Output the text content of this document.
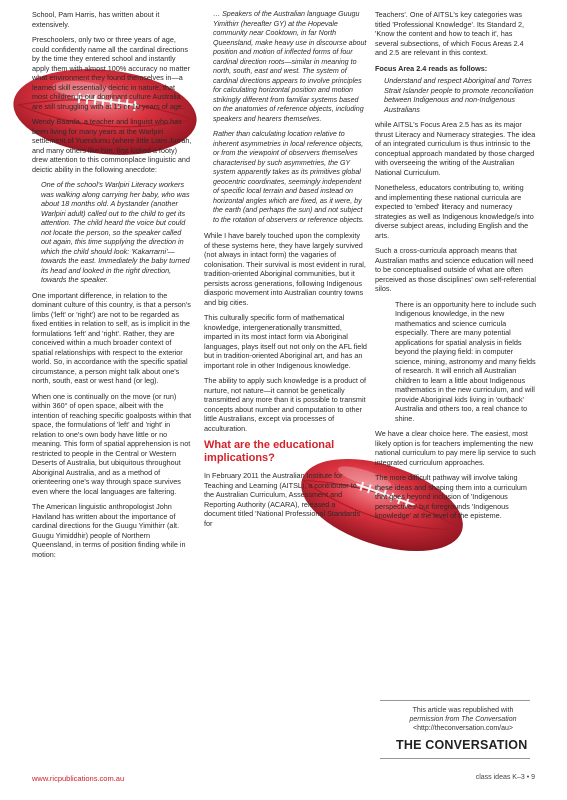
School, Pam Harris, has written about it extensively.

Preschoolers, only two or three years of age, could confidently name all the cardinal directions by the time they entered school and instantly apply them with almost 100% accuracy no matter what environment they found themselves in—a learned skill essentially deictic in nature, that most children in our dominant culture Australia are still struggling with at 15 or 16 years of age.

Wendy Baarda, a teacher and linguist who has been living for many years at the Warlpiri settlement of Yuendumu (where little Liam Jurrah, and many others like him, first kicked a footy) drew attention to this commonplace linguistic and deictic ability in the following anecdote:

One of the school's Warlpiri Literacy workers was walking along carrying her baby, who was about 18 months old. A bystander (another Warlpiri adult) called out to the child to get its attention. The child heard the voice but could not locate the person, so the speaker called out again, this time supplying the direction in which the child should look: 'Kakarrarni'—towards the east. Immediately the baby turned its head and looked in the right direction, towards the speaker.

One important difference, in relation to the dominant culture of this country, is that a person's limbs ('left' or 'right') are not to be regarded as fixed entities in relation to self, as is implicit in the formulations 'left' and 'right'. Rather, they are conceived within a much broader context of spatial relationships with respect to the exterior world. So, in accordance with the specific spatial circumstance, a person might talk about one's north, south, east or west hand (or leg).

When one is continually on the move (or run) within 360° of open space, albeit with the intention of reaching specific goalposts within that space, the formulations of 'left' and 'right' in relation to one's own body have little or no meaning. This form of spatial apprehension is not restricted to people in the Central or Western Deserts of Australia, but ubiquitous throughout Aboriginal Australia, and as a method of orienteering one's way through space survives even where the local languages are faltering.

The American linguistic anthropologist John Haviland has written about the importance of cardinal directions for the Guugu Yimithirr (alt. Guugu Yimiddhir) people of Northern Queensland, in terms of position finding while in motion:

… Speakers of the Australian language Guugu Yimithirr (hereafter GY) at the Hopevale community near Cooktown, in far North Queensland, make heavy use in discourse about position and motion of inflected forms of four cardinal direction roots—similar in meaning to north, south, east and west. The system of cardinal directions appears to involve principles for calculating horizontal position and motion strikingly different from familiar systems based on the anatomies of reference objects, including speakers and hearers themselves.

Rather than calculating location relative to inherent asymmetries in local reference objects, or from the viewpoint of observers themselves characterised by such asymmetries, the GY system apparently takes as its primitives global geocentric coordinates, seemingly independent of specific local terrain and based instead on horizontal angles which are fixed, as it were, by the earth (and perhaps the sun) and not subject to the rotation of observers or reference objects.

While I have barely touched upon the complexity of these systems here, they have largely survived (not always in intact form) the vagaries of colonisation. Their survival is most evident in rural, tradition-oriented Aboriginal communities, but it persists across generations, following Indigenous diasporic movement into Australian country towns and big cities.

This culturally specific form of mathematical knowledge, intergenerationally transmitted, imparted in its most intact form via Aboriginal languages, plays itself out not only on the AFL field but in tradition-oriented Aboriginal art, and has an important role in other Indigenous knowledge.

The ability to apply such knowledge is a product of nurture, not nature—it cannot be genetically transmitted any more than it is possible to transmit concepts about number and computation to other little Australians, except via processes of acculturation.

What are the educational implications?

In February 2011 the Australian Institute for Teaching and Learning (AITSL), a contributor to the Australian Curriculum, Assessment and Reporting Authority (ACARA), released a document titled 'National Professional Standards for

Teachers'. One of AITSL's key categories was titled 'Professional Knowledge'. Its Standard 2, 'Know the content and how to teach it', has several subsections, of which Focus Areas 2.4 and 2.5 are relevant in this context.

Focus Area 2.4 reads as follows:

Understand and respect Aboriginal and Torres Strait Islander people to promote reconciliation between Indigenous and non-Indigenous Australians

while AITSL's Focus Area 2.5 has as its major thrust Literacy and Numeracy strategies. The idea of an integrated curriculum is thus intrinsic to the conceptual approach mandated by those charged with overseeing the writing of the Australian National Curriculum.

Nonetheless, educators contributing to, writing and implementing these national curricula are expected to 'embed' literacy and numeracy strategies as well as Indigenous knowledge/s into diverse subject areas, including English and the arts.

Such a cross-curricula approach means that Australian maths and science education will need to be conceptualised outside of what are often perceived as those disciplines' own self-referential silos.

There is an opportunity here to include such Indigenous knowledge, in the new mathematics and science curricula especially. There are many potential applications for spatial analysis in fields beyond the playing field: in computer science, mining, astronomy and many fields of research. It will enrich all Australian children to learn a little about Indigenous mathematics in the new curriculum, and will provide Aboriginal kids living in 'outback' Australia and others too, a real chance to shine.

We have a clear choice here. The easiest, most likely option is for teachers implementing the new national curriculum to pay mere lip service to such integrated curriculum approaches.

The more difficult pathway will involve taking these ideas and shaping them into a curriculum that goes beyond inclusion of 'Indigenous perspectives' but foregrounds 'Indigenous knowledge' at the level of the episteme.

This article was republished with
permission from The Conversation
<http://theconversation.com/au>
THE CONVERSATION
www.ricpublications.com.au	class ideas K–3 • 9
